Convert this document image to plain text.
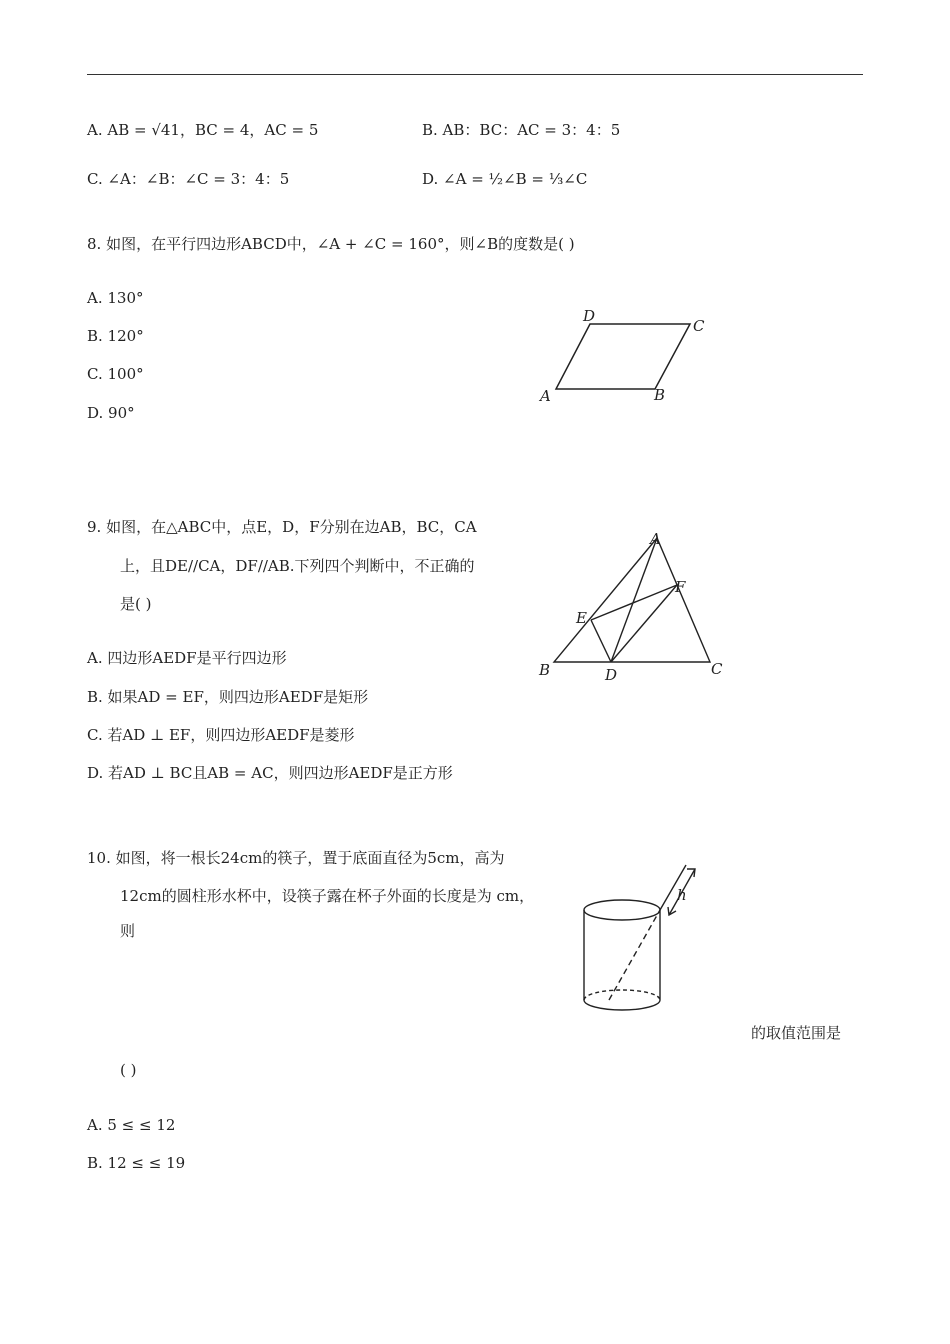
A. AB = √41，BC = 4，AC = 5	B. AB：BC：AC = 3：4：5
C. ∠A：∠B：∠C = 3：4：5	D. ∠A = ½∠B = ⅓∠C
8. 如图，在平行四边形ABCD中，∠A + ∠C = 160°，则∠B的度数是( )
A. 130°
B. 120°
C. 100°
D. 90°
D
C
A	B
9. 如图，在△ABC中，点E，D，F分别在边AB，BC，CA
上，且DE//CA，DF//AB.下列四个判断中，不正确的
是( )
A. 四边形AEDF是平行四边形
B. 如果AD = EF，则四边形AEDF是矩形
C. 若AD ⊥ EF，则四边形AEDF是菱形
D. 若AD ⊥ BC且AB = AC，则四边形AEDF是正方形
A
F
E
B	D	C
10. 如图，将一根长24cm的筷子，置于底面直径为5cm，高为
12cm的圆柱形水杯中，设筷子露在杯子外面的长度是为 cm，
则
的取值范围是
( )
A. 5 ≤ ≤ 12
B. 12 ≤ ≤ 19
h
